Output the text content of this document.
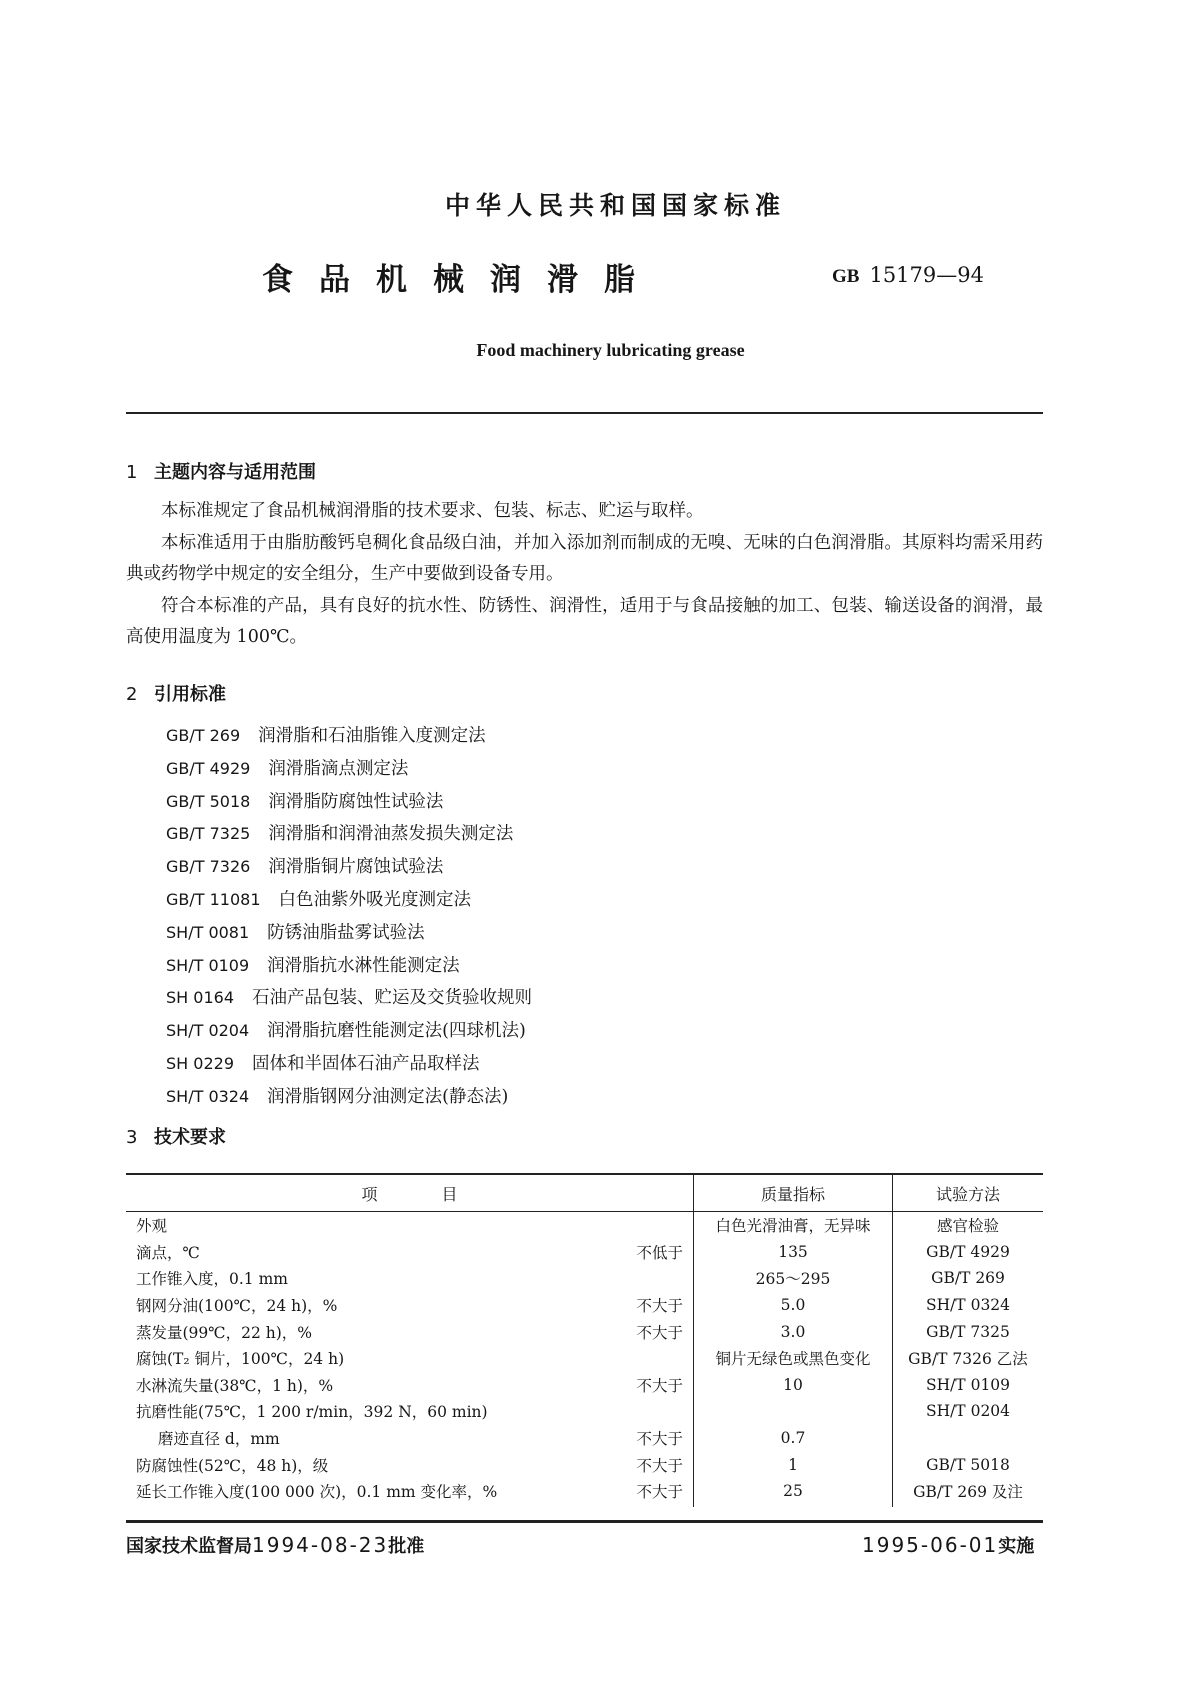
中华人民共和国国家标准
食品机械润滑脂	GB 15179—94
Food machinery lubricating grease
1 主题内容与适用范围
本标准规定了食品机械润滑脂的技术要求、包装、标志、贮运与取样。
本标准适用于由脂肪酸钙皂稠化食品级白油，并加入添加剂而制成的无嗅、无味的白色润滑脂。其原料均需采用药典或药物学中规定的安全组分，生产中要做到设备专用。
符合本标准的产品，具有良好的抗水性、防锈性、润滑性，适用于与食品接触的加工、包装、输送设备的润滑，最高使用温度为 100℃。
2 引用标准
GB/T 269 润滑脂和石油脂锥入度测定法
GB/T 4929 润滑脂滴点测定法
GB/T 5018 润滑脂防腐蚀性试验法
GB/T 7325 润滑脂和润滑油蒸发损失测定法
GB/T 7326 润滑脂铜片腐蚀试验法
GB/T 11081 白色油紫外吸光度测定法
SH/T 0081 防锈油脂盐雾试验法
SH/T 0109 润滑脂抗水淋性能测定法
SH 0164 石油产品包装、贮运及交货验收规则
SH/T 0204 润滑脂抗磨性能测定法(四球机法)
SH 0229 固体和半固体石油产品取样法
SH/T 0324 润滑脂钢网分油测定法(静态法)
3 技术要求
项　　　　目		质量指标	试验方法
外观		白色光滑油膏，无异味	感官检验
滴点，℃	不低于	135	GB/T 4929
工作锥入度，0.1 mm		265～295	GB/T 269
钢网分油(100℃，24 h)，%	不大于	5.0	SH/T 0324
蒸发量(99℃，22 h)，%	不大于	3.0	GB/T 7325
腐蚀(T₂ 铜片，100℃，24 h)		铜片无绿色或黑色变化	GB/T 7326 乙法
水淋流失量(38℃，1 h)，%	不大于	10	SH/T 0109
抗磨性能(75℃，1 200 r/min，392 N，60 min)			SH/T 0204
磨迹直径 d，mm	不大于	0.7	
防腐蚀性(52℃，48 h)，级	不大于	1	GB/T 5018
延长工作锥入度(100 000 次)，0.1 mm 变化率，%	不大于	25	GB/T 269 及注
国家技术监督局1994-08-23批准	1995-06-01实施
